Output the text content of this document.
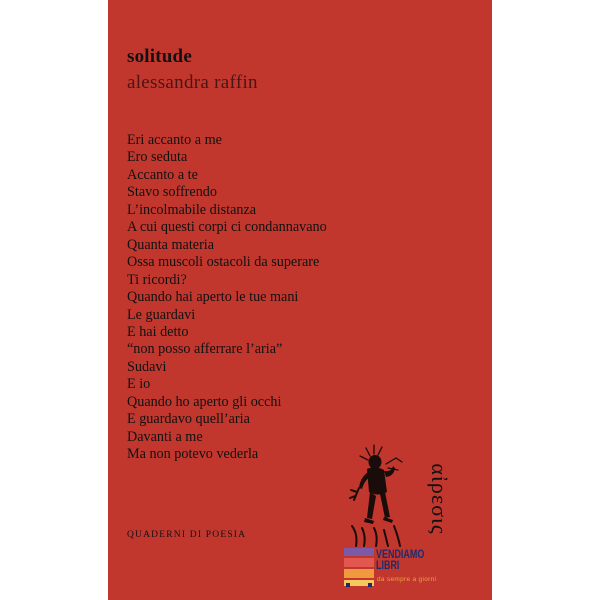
solitude
alessandra raffin
Eri accanto a me
Ero seduta
Accanto a te
Stavo soffrendo
L’incolmabile distanza
A cui questi corpi ci condannavano
Quanta materia
Ossa muscoli ostacoli da superare
Ti ricordi?
Quando hai aperto le tue mani
Le guardavi
E hai detto
“non posso afferrare l’aria”
Sudavi
E io
Quando ho aperto gli occhi
E guardavo quell’aria
Davanti a me
Ma non potevo vederla
QUADERNI DI POESIA
αἰρεσις
VENDIAMO
LIBRI
da sempre a giorni
